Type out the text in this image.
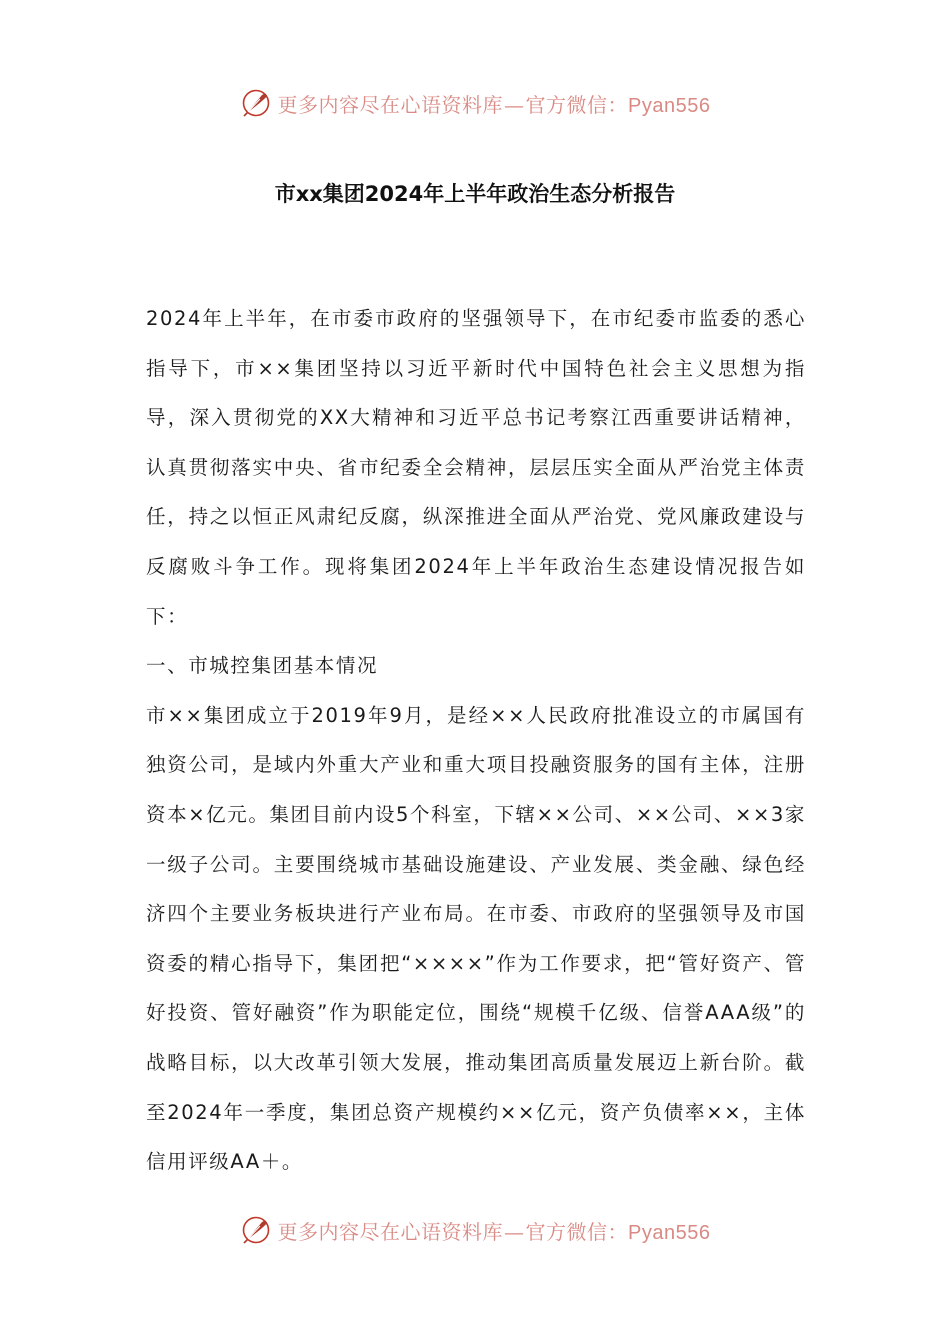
更多内容尽在心语资料库—官方微信：Pyan556
市xx集团2024年上半年政治生态分析报告

2024年上半年，在市委市政府的坚强领导下，在市纪委市监委的悉心指导下，市××集团坚持以习近平新时代中国特色社会主义思想为指导，深入贯彻党的XX大精神和习近平总书记考察江西重要讲话精神，认真贯彻落实中央、省市纪委全会精神，层层压实全面从严治党主体责任，持之以恒正风肃纪反腐，纵深推进全面从严治党、党风廉政建设与反腐败斗争工作。现将集团2024年上半年政治生态建设情况报告如下：

一、市城控集团基本情况

市××集团成立于2019年9月，是经××人民政府批准设立的市属国有独资公司，是域内外重大产业和重大项目投融资服务的国有主体，注册资本×亿元。集团目前内设5个科室，下辖××公司、××公司、××3家一级子公司。主要围绕城市基础设施建设、产业发展、类金融、绿色经济四个主要业务板块进行产业布局。在市委、市政府的坚强领导及市国资委的精心指导下，集团把“××××”作为工作要求，把“管好资产、管好投资、管好融资”作为职能定位，围绕“规模千亿级、信誉AAA级”的战略目标，以大改革引领大发展，推动集团高质量发展迈上新台阶。截至2024年一季度，集团总资产规模约××亿元，资产负债率××，主体信用评级AA＋。

更多内容尽在心语资料库—官方微信：Pyan556
